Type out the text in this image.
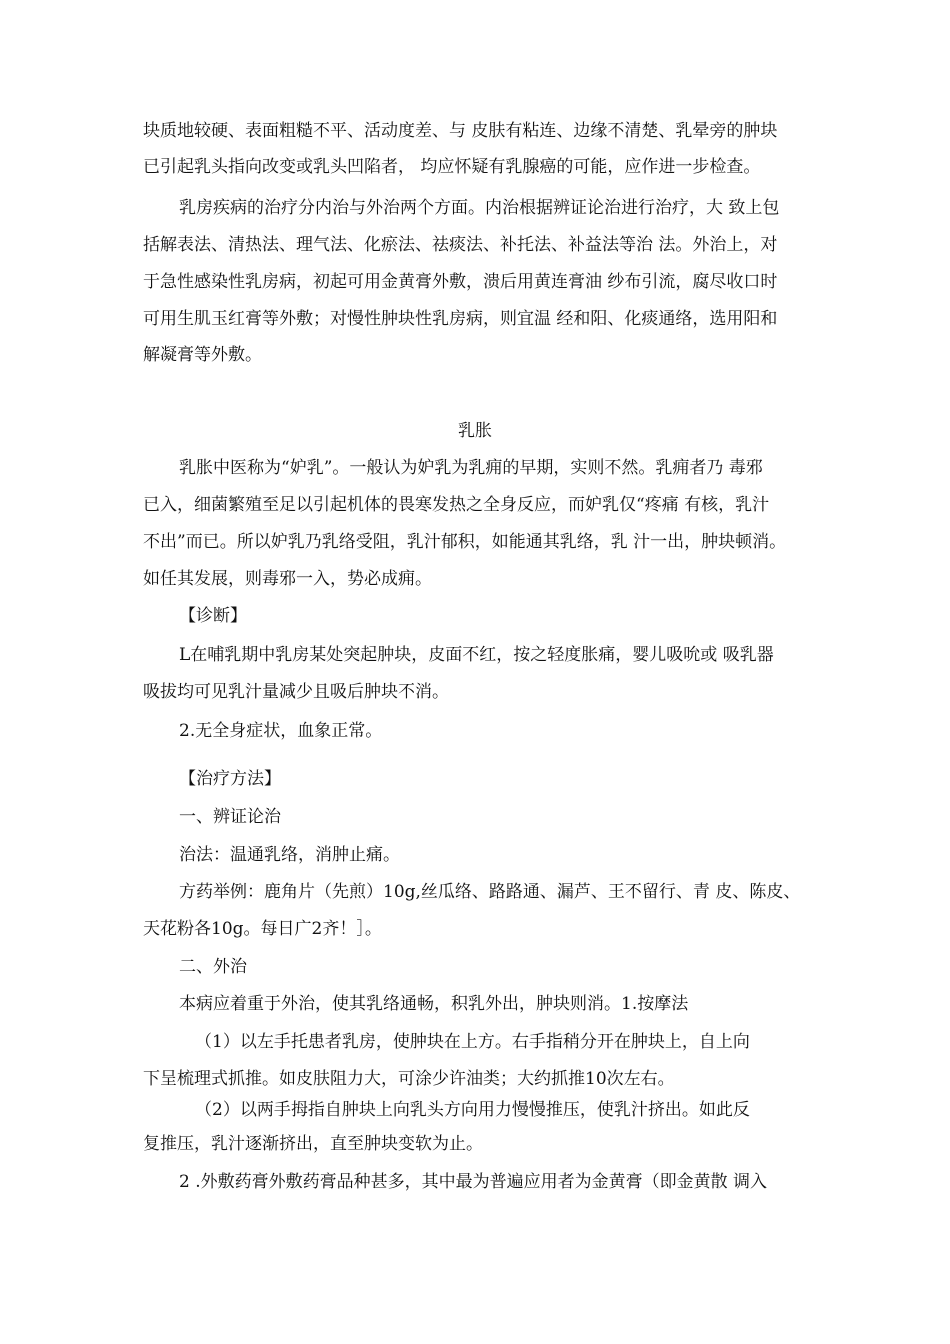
块质地较硬、表面粗糙不平、活动度差、与 皮肤有粘连、边缘不清楚、乳晕旁的肿块
已引起乳头指向改变或乳头凹陷者， 均应怀疑有乳腺癌的可能，应作进一步检查。
乳房疾病的治疗分内治与外治两个方面。内治根据辨证论治进行治疗，大 致上包
括解表法、清热法、理气法、化瘀法、祛痰法、补托法、补益法等治 法。外治上，对
于急性感染性乳房病，初起可用金黄膏外敷，溃后用黄连膏油 纱布引流，腐尽收口时
可用生肌玉红膏等外敷；对慢性肿块性乳房病，则宜温 经和阳、化痰通络，选用阳和
解凝膏等外敷。
乳胀
乳胀中医称为“妒乳”。一般认为妒乳为乳痈的早期，实则不然。乳痈者乃 毒邪
已入，细菌繁殖至足以引起机体的畏寒发热之全身反应，而妒乳仅“疼痛 有核，乳汁
不出”而已。所以妒乳乃乳络受阻，乳汁郁积，如能通其乳络，乳 汁一出，肿块顿消。
如任其发展，则毒邪一入，势必成痈。
【诊断】
L在哺乳期中乳房某处突起肿块，皮面不红，按之轻度胀痛，婴儿吸吮或 吸乳器
吸拔均可见乳汁量减少且吸后肿块不消。
2.无全身症状，血象正常。
【治疗方法】
一、辨证论治
治法：温通乳络，消肿止痛。
方药举例：鹿角片（先煎）10g,丝瓜络、路路通、漏芦、王不留行、青 皮、陈皮、
天花粉各10g。每日广2齐！］。
二、外治
本病应着重于外治，使其乳络通畅，积乳外出，肿块则消。1.按摩法
（1）以左手托患者乳房，使肿块在上方。右手指稍分开在肿块上，自上向
下呈梳理式抓推。如皮肤阻力大，可涂少许油类；大约抓推10次左右。
（2）以两手拇指自肿块上向乳头方向用力慢慢推压，使乳汁挤出。如此反
复推压，乳汁逐渐挤出，直至肿块变软为止。
2 .外敷药膏外敷药膏品种甚多，其中最为普遍应用者为金黄膏（即金黄散 调入
